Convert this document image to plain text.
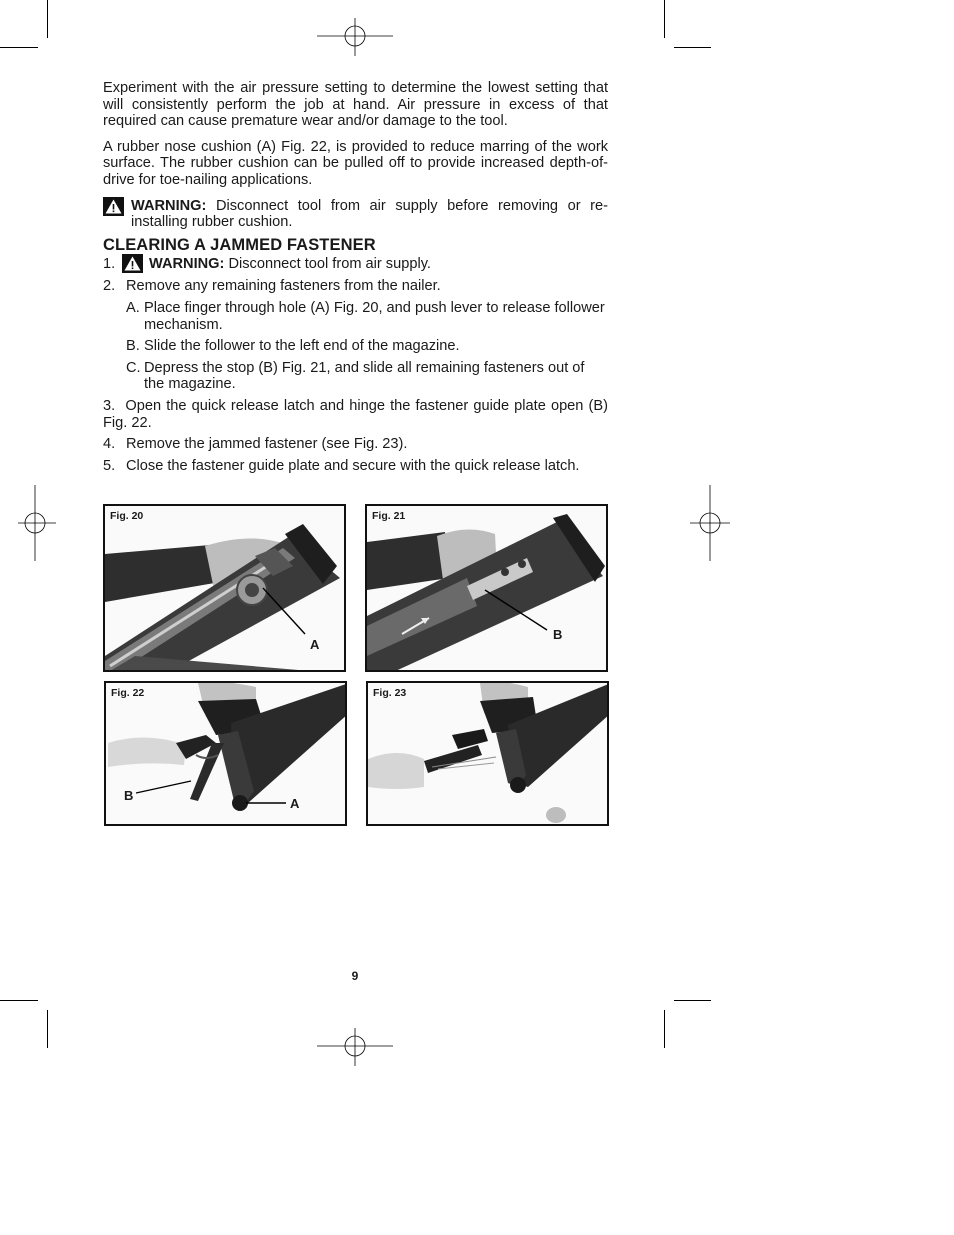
Experiment with the air pressure setting to determine the lowest setting that will consistently perform the job at hand. Air pressure in excess of that required can cause premature wear and/or damage to the tool.

A rubber nose cushion (A) Fig. 22, is provided to reduce marring of the work surface. The rubber cushion can be pulled off to provide increased depth-of-drive for toe-nailing applications.

WARNING: Disconnect tool from air supply before removing or re-installing rubber cushion.
CLEARING A JAMMED FASTENER
1.	WARNING: Disconnect tool from air supply.
2. Remove any remaining fasteners from the nailer.
A. Place finger through hole (A) Fig. 20, and push lever to release follower mechanism.
B. Slide the follower to the left end of the magazine.
C. Depress the stop (B) Fig. 21, and slide all remaining fasteners out of the magazine.
3. Open the quick release latch and hinge the fastener guide plate open (B) Fig. 22.
4. Remove the jammed fastener (see Fig. 23).
5. Close the fastener guide plate and secure with the quick release latch.
Fig. 20
A
Fig. 21
B
Fig. 22
B
A
Fig. 23
9
